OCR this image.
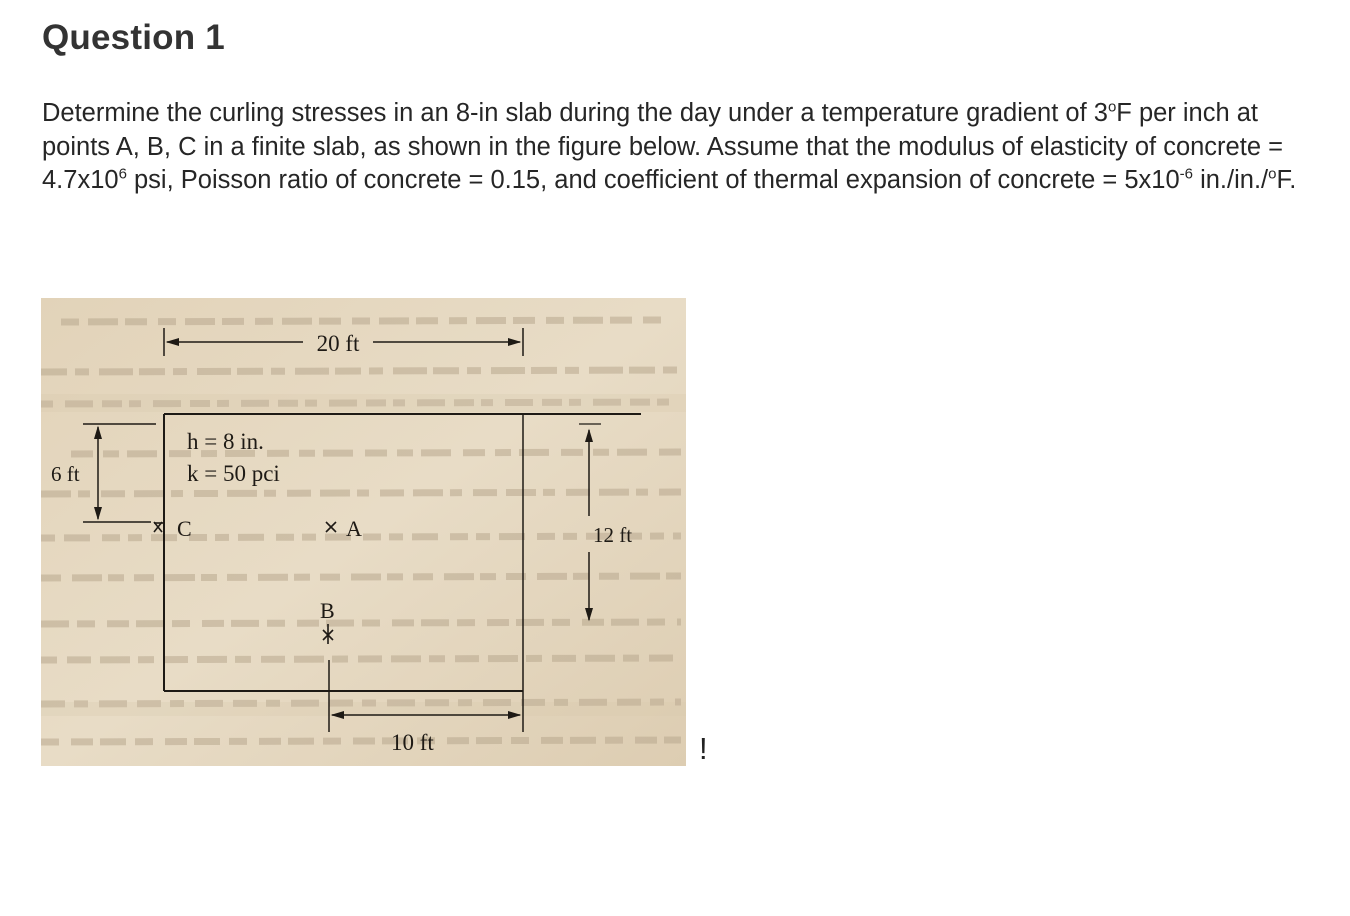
Question 1

Determine the curling stresses in an 8-in slab during the day under a temperature gradient of 3$^o$F per inch at points A, B, C in a finite slab, as shown in the figure below. Assume that the modulus of elasticity of concrete = $4.7x10^6$ psi, Poisson ratio of concrete = 0.15, and coefficient of thermal expansion of concrete = $5x10^{-6}$ in./in./$^o$F.

20 ft
6 ft
12 ft
10 ft
h = 8 in.
k = 50 pci
C	A
B
!
